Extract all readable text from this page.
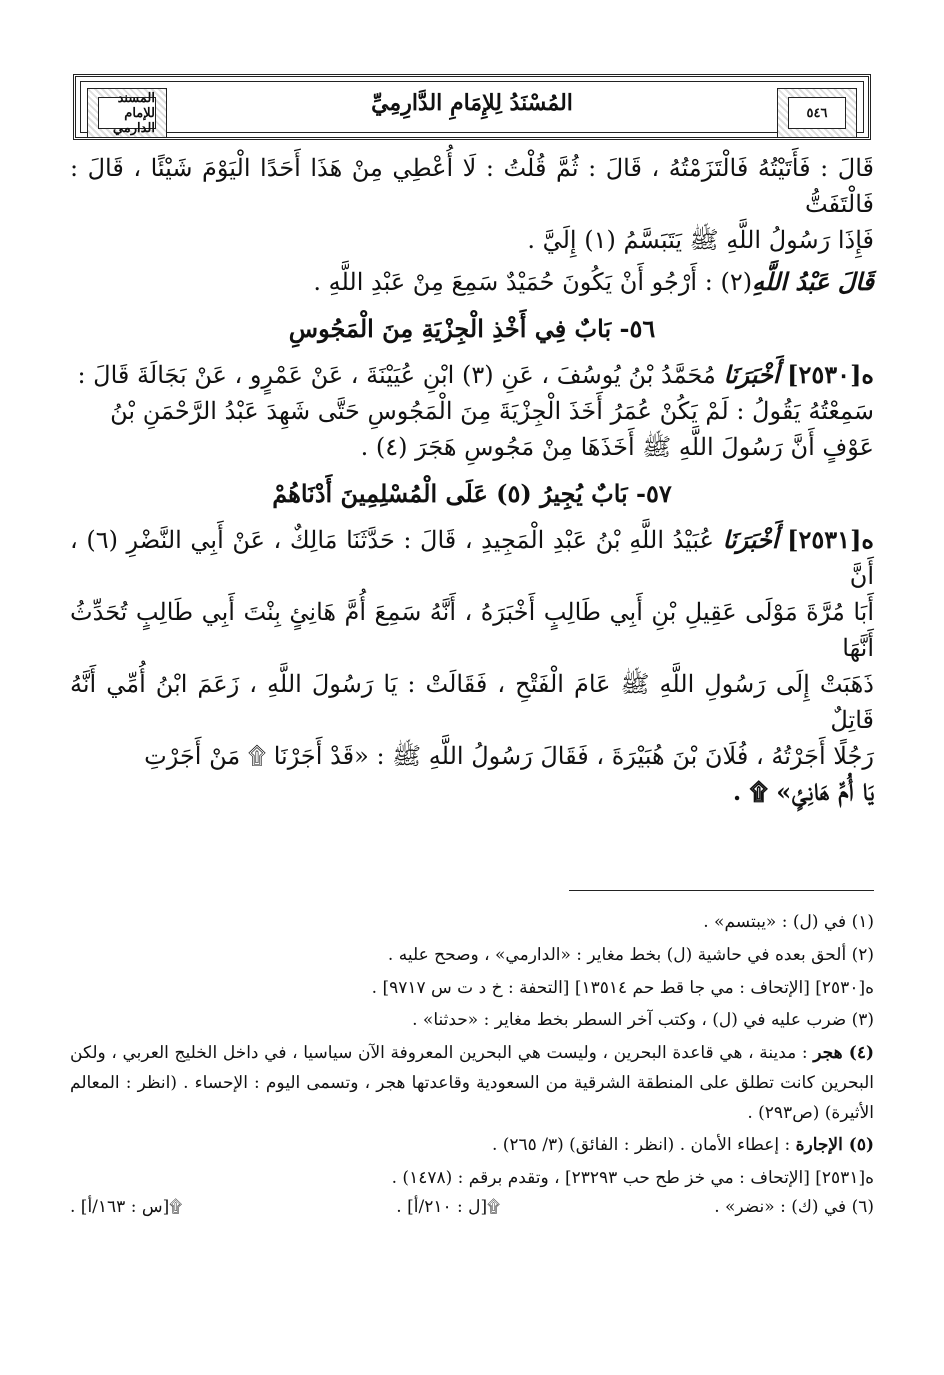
٥٤٦
المُسْنَدُ لِلإِمَامِ الدَّارِمِيِّ
المسند للإمام الدارمي

قَالَ : فَأَتَيْتُهُ فَالْتَزَمْتُهُ ، قَالَ : ثُمَّ قُلْتُ : لَا أُعْطِي مِنْ هَذَا أَحَدًا الْيَوْمَ شَيْئًا ، قَالَ : فَالْتَفَتُّ

فَإِذَا رَسُولُ اللَّهِ ﷺ يَتَبَسَّمُ (١) إِلَيَّ .

قَالَ عَبْدُ اللَّهِ(٢) : أَرْجُو أَنْ يَكُونَ حُمَيْدٌ سَمِعَ مِنْ عَبْدِ اللَّهِ .

٥٦- بَابٌ فِي أَخْذِ الْجِزْيَةِ مِنَ الْمَجُوسِ

ه[٢٥٣٠] أَخْبَرَنَا مُحَمَّدُ بْنُ يُوسُفَ ، عَنِ (٣) ابْنِ عُيَيْنَةَ ، عَنْ عَمْرٍو ، عَنْ بَجَالَةَ قَالَ :

سَمِعْتُهُ يَقُولُ : لَمْ يَكُنْ عُمَرُ أَخَذَ الْجِزْيَةَ مِنَ الْمَجُوسِ حَتَّى شَهِدَ عَبْدُ الرَّحْمَنِ بْنُ

عَوْفٍ أَنَّ رَسُولَ اللَّهِ ﷺ أَخَذَهَا مِنْ مَجُوسِ هَجَرَ (٤) .

٥٧- بَابٌ يُجِيرُ (٥) عَلَى الْمُسْلِمِينَ أَدْنَاهُمْ

ه[٢٥٣١] أَخْبَرَنَا عُبَيْدُ اللَّهِ بْنُ عَبْدِ الْمَجِيدِ ، قَالَ : حَدَّثَنَا مَالِكٌ ، عَنْ أَبِي النَّضْرِ (٦) ، أَنَّ

أَبَا مُرَّةَ مَوْلَى عَقِيلِ بْنِ أَبِي طَالِبٍ أَخْبَرَهُ ، أَنَّهُ سَمِعَ أُمَّ هَانِئٍ بِنْتَ أَبِي طَالِبٍ تُحَدِّثُ أَنَّهَا

ذَهَبَتْ إِلَى رَسُولِ اللَّهِ ﷺ عَامَ الْفَتْحِ ، فَقَالَتْ : يَا رَسُولَ اللَّهِ ، زَعَمَ ابْنُ أُمِّي أَنَّهُ قَاتِلٌ

رَجُلًا أَجَرْتُهُ ، فُلَانَ بْنَ هُبَيْرَةَ ، فَقَالَ رَسُولُ اللَّهِ ﷺ : «قَدْ أَجَرْنَا ۩ مَنْ أَجَرْتِ

يَا أُمَّ هَانِئٍ» ۩ .

(١) في (ل) : «يبتسم» .

(٢) ألحق بعده في حاشية (ل) بخط مغاير : «الدارمي» ، وصحح عليه .

ه[٢٥٣٠] [الإتحاف : مي جا قط حم ١٣٥١٤] [التحفة : خ د ت س ٩٧١٧] .

(٣) ضرب عليه في (ل) ، وكتب آخر السطر بخط مغاير : «حدثنا» .

(٤) هجر : مدينة ، هي قاعدة البحرين ، وليست هي البحرين المعروفة الآن سياسيا ، في داخل الخليج العربي ، ولكن البحرين كانت تطلق على المنطقة الشرقية من السعودية وقاعدتها هجر ، وتسمى اليوم : الإحساء . (انظر : المعالم الأثيرة) (ص٢٩٣) .

(٥) الإجارة : إعطاء الأمان . (انظر : الفائق) (٣/ ٢٦٥) .

ه[٢٥٣١] [الإتحاف : مي خز طح حب ٢٣٢٩٣] ، وتقدم برقم : (١٤٧٨) .

(٦) في (ك) : «نضر» .
۩[ل : ٢١٠/أ] .
۩[س : ١٦٣/أ] .
